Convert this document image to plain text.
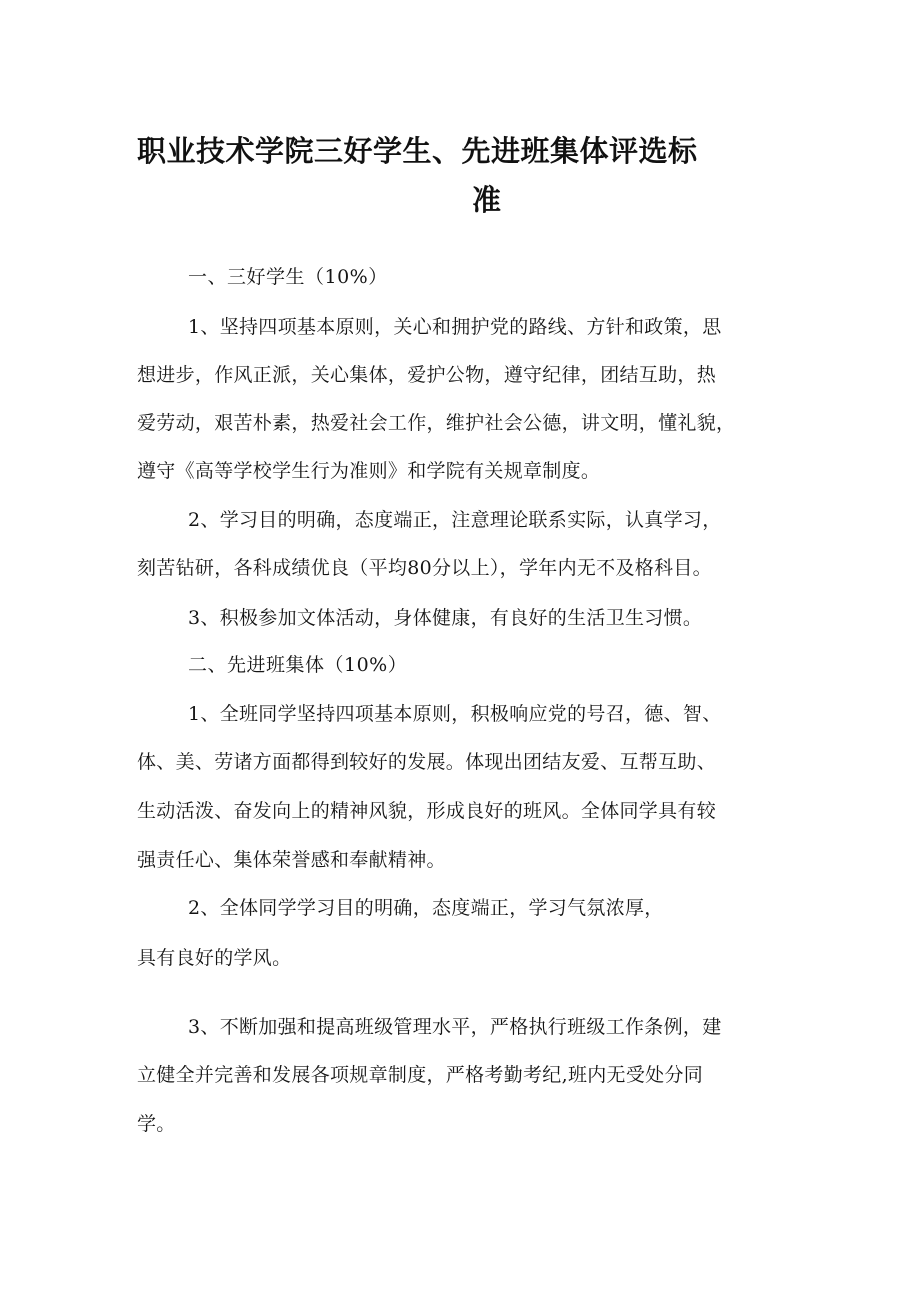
职业技术学院三好学生、先进班集体评选标
准
一、三好学生（10%）
1、坚持四项基本原则，关心和拥护党的路线、方针和政策，思
想进步，作风正派，关心集体，爱护公物，遵守纪律，团结互助，热
爱劳动，艰苦朴素，热爱社会工作，维护社会公德，讲文明，懂礼貌，
遵守《高等学校学生行为准则》和学院有关规章制度。
2、学习目的明确，态度端正，注意理论联系实际，认真学习，
刻苦钻研，各科成绩优良（平均80分以上），学年内无不及格科目。
3、积极参加文体活动，身体健康，有良好的生活卫生习惯。
二、先进班集体（10%）
1、全班同学坚持四项基本原则，积极响应党的号召，德、智、
体、美、劳诸方面都得到较好的发展。体现出团结友爱、互帮互助、
生动活泼、奋发向上的精神风貌，形成良好的班风。全体同学具有较
强责任心、集体荣誉感和奉献精神。
2、全体同学学习目的明确，态度端正，学习气氛浓厚，
具有良好的学风。
3、不断加强和提高班级管理水平，严格执行班级工作条例，建
立健全并完善和发展各项规章制度，严格考勤考纪,班内无受处分同
学。
